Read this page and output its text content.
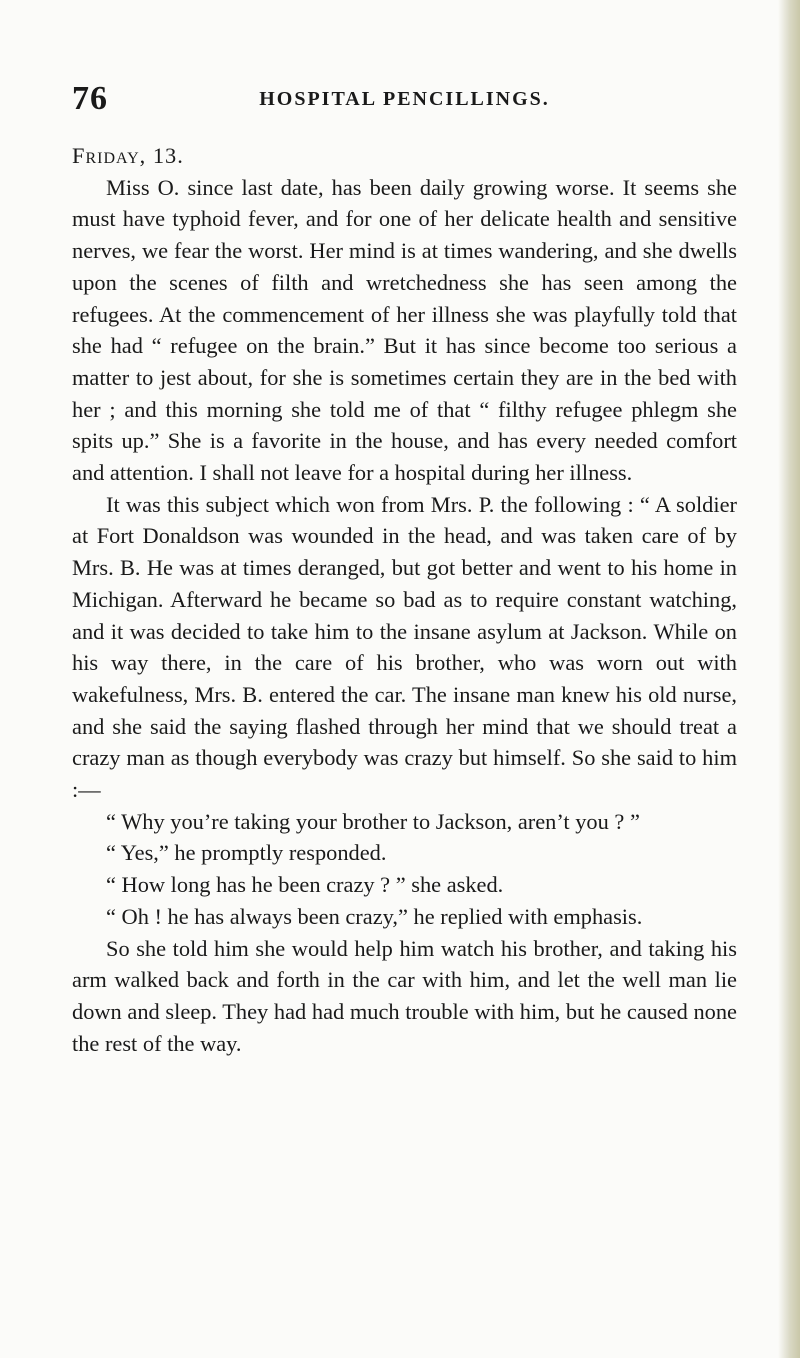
76	HOSPITAL PENCILLINGS.

Friday, 13.

Miss O. since last date, has been daily growing worse. It seems she must have typhoid fever, and for one of her delicate health and sensitive nerves, we fear the worst. Her mind is at times wandering, and she dwells upon the scenes of filth and wretchedness she has seen among the refugees. At the commencement of her illness she was playfully told that she had “ refugee on the brain.” But it has since become too serious a matter to jest about, for she is sometimes certain they are in the bed with her ; and this morning she told me of that “ filthy refugee phlegm she spits up.” She is a favorite in the house, and has every needed comfort and attention. I shall not leave for a hospital during her illness.

It was this subject which won from Mrs. P. the following : “ A soldier at Fort Donaldson was wounded in the head, and was taken care of by Mrs. B. He was at times deranged, but got better and went to his home in Michigan. Afterward he became so bad as to require constant watching, and it was decided to take him to the insane asylum at Jackson. While on his way there, in the care of his brother, who was worn out with wakefulness, Mrs. B. entered the car. The insane man knew his old nurse, and she said the saying flashed through her mind that we should treat a crazy man as though everybody was crazy but himself. So she said to him :—

“ Why you’re taking your brother to Jackson, aren’t you ? ”

“ Yes,” he promptly responded.

“ How long has he been crazy ? ” she asked.

“ Oh ! he has always been crazy,” he replied with emphasis.

So she told him she would help him watch his brother, and taking his arm walked back and forth in the car with him, and let the well man lie down and sleep. They had had much trouble with him, but he caused none the rest of the way.
